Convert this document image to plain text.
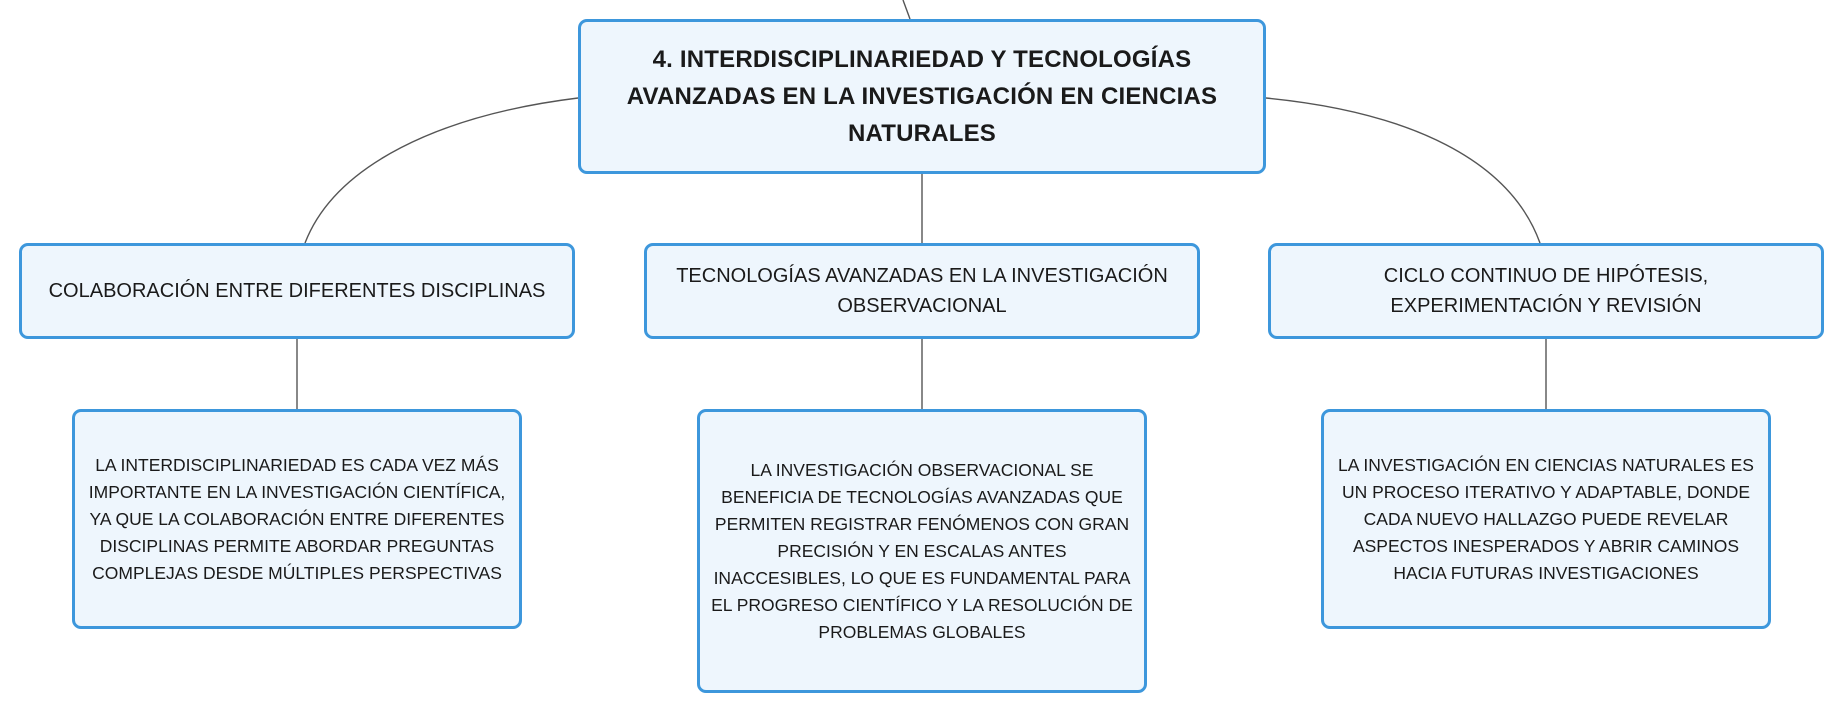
4. INTERDISCIPLINARIEDAD Y TECNOLOGÍAS AVANZADAS EN LA INVESTIGACIÓN EN CIENCIAS NATURALES
COLABORACIÓN ENTRE DIFERENTES DISCIPLINAS
TECNOLOGÍAS AVANZADAS EN LA INVESTIGACIÓN OBSERVACIONAL
CICLO CONTINUO DE HIPÓTESIS, EXPERIMENTACIÓN Y REVISIÓN
LA INTERDISCIPLINARIEDAD ES CADA VEZ MÁS IMPORTANTE EN LA INVESTIGACIÓN CIENTÍFICA, YA QUE LA COLABORACIÓN ENTRE DIFERENTES DISCIPLINAS PERMITE ABORDAR PREGUNTAS COMPLEJAS DESDE MÚLTIPLES PERSPECTIVAS
LA INVESTIGACIÓN OBSERVACIONAL SE BENEFICIA DE TECNOLOGÍAS AVANZADAS QUE PERMITEN REGISTRAR FENÓMENOS CON GRAN PRECISIÓN Y EN ESCALAS ANTES INACCESIBLES, LO QUE ES FUNDAMENTAL PARA EL PROGRESO CIENTÍFICO Y LA RESOLUCIÓN DE PROBLEMAS GLOBALES
LA INVESTIGACIÓN EN CIENCIAS NATURALES ES UN PROCESO ITERATIVO Y ADAPTABLE, DONDE CADA NUEVO HALLAZGO PUEDE REVELAR ASPECTOS INESPERADOS Y ABRIR CAMINOS HACIA FUTURAS INVESTIGACIONES
